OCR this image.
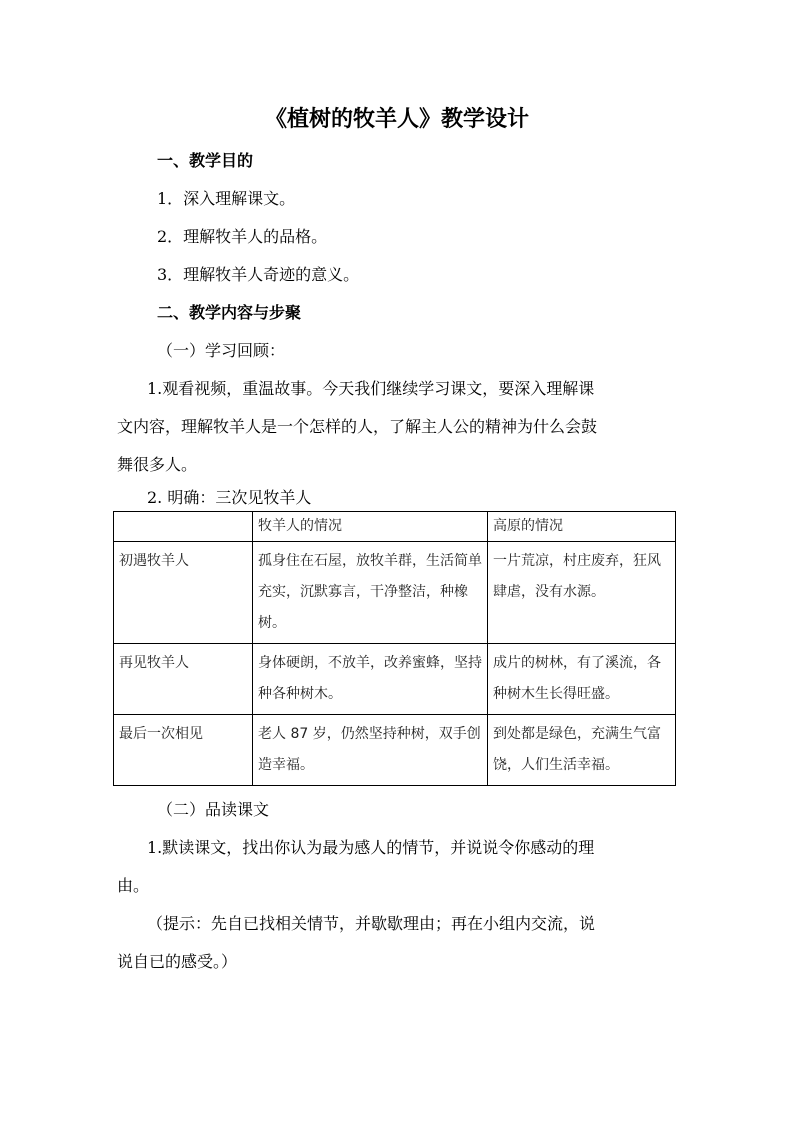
《植树的牧羊人》教学设计
一、教学目的
1．深入理解课文。
2．理解牧羊人的品格。
3．理解牧羊人奇迹的意义。
二、教学内容与步聚
（一）学习回顾：
1.观看视频，重温故事。今天我们继续学习课文，要深入理解课
文内容，理解牧羊人是一个怎样的人，了解主人公的精神为什么会鼓
舞很多人。
2. 明确：三次见牧羊人
	牧羊人的情况	高原的情况
初遇牧羊人	孤身住在石屋，放牧羊群，生活简单充实，沉默寡言，干净整洁，种橡树。	一片荒凉，村庄废弃，狂风肆虐，没有水源。
再见牧羊人	身体硬朗，不放羊，改养蜜蜂，坚持种各种树木。	成片的树林，有了溪流，各种树木生长得旺盛。
最后一次相见	老人 87 岁，仍然坚持种树，双手创造幸福。	到处都是绿色，充满生气富饶，人们生活幸福。
（二）品读课文
1.默读课文，找出你认为最为感人的情节，并说说令你感动的理
由。
（提示：先自已找相关情节，并歇歇理由；再在小组内交流，说
说自已的感受。）
